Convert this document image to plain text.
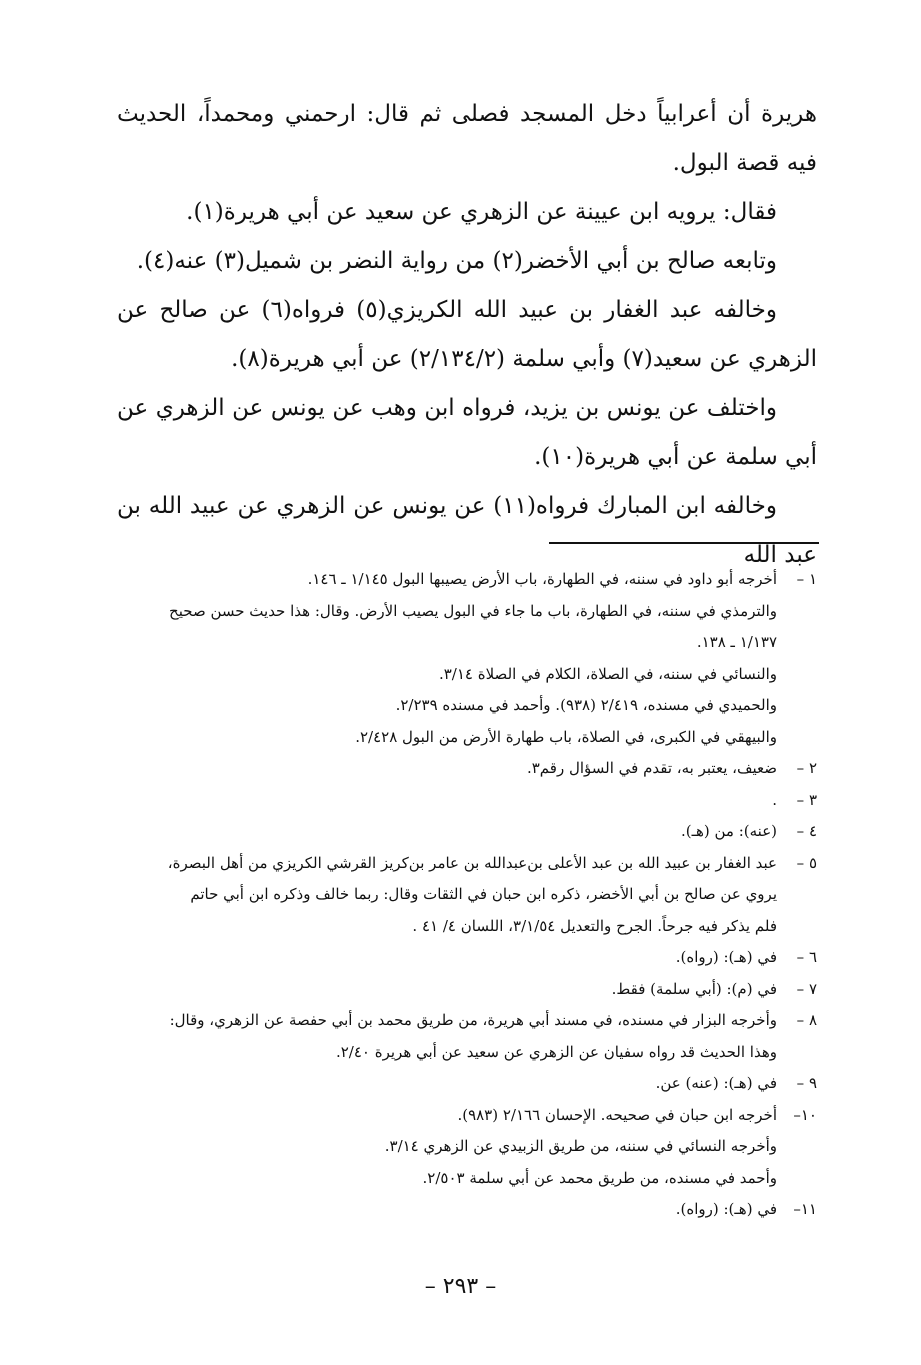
هريرة أن أعرابياً دخل المسجد فصلى ثم قال: ارحمني ومحمداً، الحديث فيه قصة البول.

فقال: يرويه ابن عيينة عن الزهري عن سعيد عن أبي هريرة(١).

وتابعه صالح بن أبي الأخضر(٢) من رواية النضر بن شميل(٣) عنه(٤).

وخالفه عبد الغفار بن عبيد الله الكريزي(٥) فرواه(٦) عن صالح عن الزهري عن سعيد(٧) وأبي سلمة (٢/١٣٤/٢) عن أبي هريرة(٨).

واختلف عن يونس بن يزيد، فرواه ابن وهب عن يونس عن الزهري عن أبي سلمة عن أبي هريرة(١٠).

وخالفه ابن المبارك فرواه(١١) عن يونس عن الزهري عن عبيد الله بن عبد الله

١ –
أخرجه أبو داود في سننه، في الطهارة، باب الأرض يصيبها البول ١/١٤٥ ـ ١٤٦.
والترمذي في سننه، في الطهارة، باب ما جاء في البول يصيب الأرض. وقال: هذا حديث حسن صحيح
١/١٣٧ ـ ١٣٨.
والنسائي في سننه، في الصلاة، الكلام في الصلاة ٣/١٤.
والحميدي في مسنده، ٢/٤١٩ (٩٣٨). وأحمد في مسنده ٢/٢٣٩.
والبيهقي في الكبرى، في الصلاة، باب طهارة الأرض من البول ٢/٤٢٨.
٢ –
ضعيف، يعتبر به، تقدم في السؤال رقم٣.
٣ –
.
٤ –
(عنه): من (هـ).
٥ –
عبد الغفار بن عبيد الله بن عبد الأعلى بن‌عبدالله بن عامر بن‌كريز القرشي الكريزي من أهل البصرة،
يروي عن صالح بن أبي الأخضر، ذكره ابن حبان في الثقات وقال: ربما خالف وذكره ابن أبي حاتم
فلم يذكر فيه جرحاً. الجرح والتعديل ٣/١/٥٤، اللسان ٤/ ٤١ .
٦ –
في (هـ): (رواه).
٧ –
في (م): (أبي سلمة) فقط.
٨ –
وأخرجه البزار في مسنده، في مسند أبي هريرة، من طريق محمد بن أبي حفصة عن الزهري، وقال:
وهذا الحديث قد رواه سفيان عن الزهري عن سعيد عن أبي هريرة ٢/٤٠.
٩ –
في (هـ): (عنه) عن.
١٠–
أخرجه ابن حبان في صحيحه. الإحسان ٢/١٦٦ (٩٨٣).
وأخرجه النسائي في سننه، من طريق الزبيدي عن الزهري ٣/١٤.
وأحمد في مسنده، من طريق محمد عن أبي سلمة ٢/٥٠٣.
١١–
في (هـ): (رواه).
– ٢٩٣ –
